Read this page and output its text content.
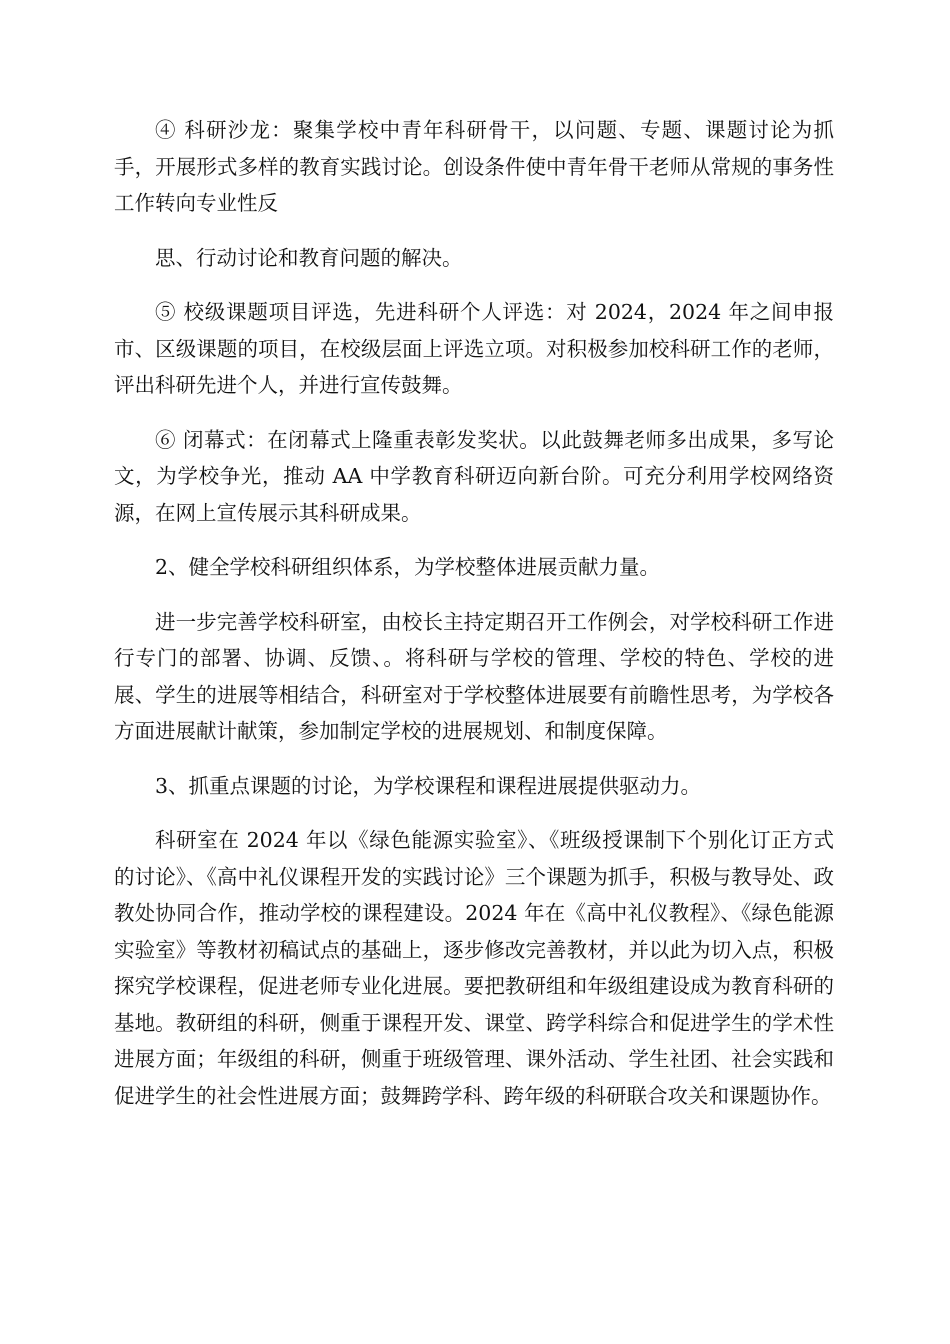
④ 科研沙龙：聚集学校中青年科研骨干，以问题、专题、课题讨论为抓手，开展形式多样的教育实践讨论。创设条件使中青年骨干老师从常规的事务性工作转向专业性反

思、行动讨论和教育问题的解决。

⑤ 校级课题项目评选，先进科研个人评选：对 2024，2024 年之间申报市、区级课题的项目，在校级层面上评选立项。对积极参加校科研工作的老师，评出科研先进个人，并进行宣传鼓舞。

⑥ 闭幕式：在闭幕式上隆重表彰发奖状。以此鼓舞老师多出成果，多写论文，为学校争光，推动 AA 中学教育科研迈向新台阶。可充分利用学校网络资源，在网上宣传展示其科研成果。

2、健全学校科研组织体系，为学校整体进展贡献力量。

进一步完善学校科研室，由校长主持定期召开工作例会，对学校科研工作进行专门的部署、协调、反馈、。将科研与学校的管理、学校的特色、学校的进展、学生的进展等相结合，科研室对于学校整体进展要有前瞻性思考，为学校各方面进展献计献策，参加制定学校的进展规划、和制度保障。

3、抓重点课题的讨论，为学校课程和课程进展提供驱动力。

科研室在 2024 年以《绿色能源实验室》、《班级授课制下个别化订正方式的讨论》、《高中礼仪课程开发的实践讨论》三个课题为抓手，积极与教导处、政教处协同合作，推动学校的课程建设。2024 年在《高中礼仪教程》、《绿色能源实验室》等教材初稿试点的基础上，逐步修改完善教材，并以此为切入点，积极探究学校课程，促进老师专业化进展。要把教研组和年级组建设成为教育科研的基地。教研组的科研，侧重于课程开发、课堂、跨学科综合和促进学生的学术性进展方面；年级组的科研，侧重于班级管理、课外活动、学生社团、社会实践和促进学生的社会性进展方面；鼓舞跨学科、跨年级的科研联合攻关和课题协作。
